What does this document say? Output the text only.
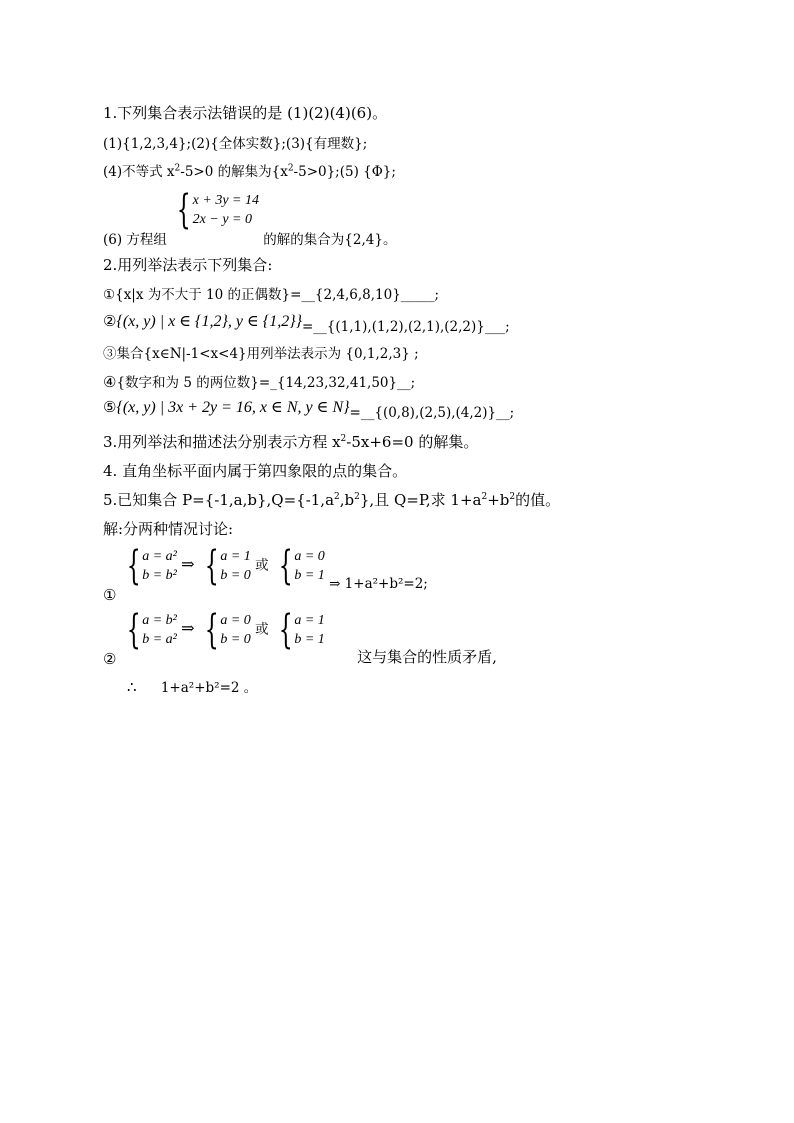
1.下列集合表示法错误的是 (1)(2)(4)(6)。
(1){1,2,3,4};(2){全体实数};(3){有理数};
(4)不等式 $x^2-5>0$ 的解集为$\{x^2-5>0\};(5)$ {Φ};
(6) 方程组
{ x + 3y = 14
2x − y = 0
的解的集合为{2,4}。
2.用列举法表示下列集合:
①{x|x 为不大于 10 的正偶数}=__{2,4,6,8,10}_____;
②{(x, y) | x ∈ {1,2}, y ∈ {1,2}}=__{(1,1),(1,2),(2,1),(2,2)}___;
③集合{x∈N|-1<x<4}用列举法表示为 {0,1,2,3} ;
④{数字和为 5 的两位数}=_{14,23,32,41,50}__;
⑤{(x, y) | 3x + 2y = 16, x ∈ N, y ∈ N}=__{(0,8),(2,5),(4,2)}__;
3.用列举法和描述法分别表示方程 $x^2-5x+6=0$ 的解集。
4. 直角坐标平面内属于第四象限的点的集合。
5.已知集合 $P=\{-1,a,b\},Q=\{-1,a^2,b^2\}$,且 Q=P,求 $1+a^2+b^2$的值。
解:分两种情况讨论:
①
{ a = a²
b = b²
⇒ { a = 1
b = 0
或 { a = 0
b = 1 ⇒ 1+a²+b²=2;
②
{ a = b²
b = a²
⇒ { a = 0
b = 0
或 { a = 1
b = 1
这与集合的性质矛盾,
∴ 1+a²+b²=2 。
